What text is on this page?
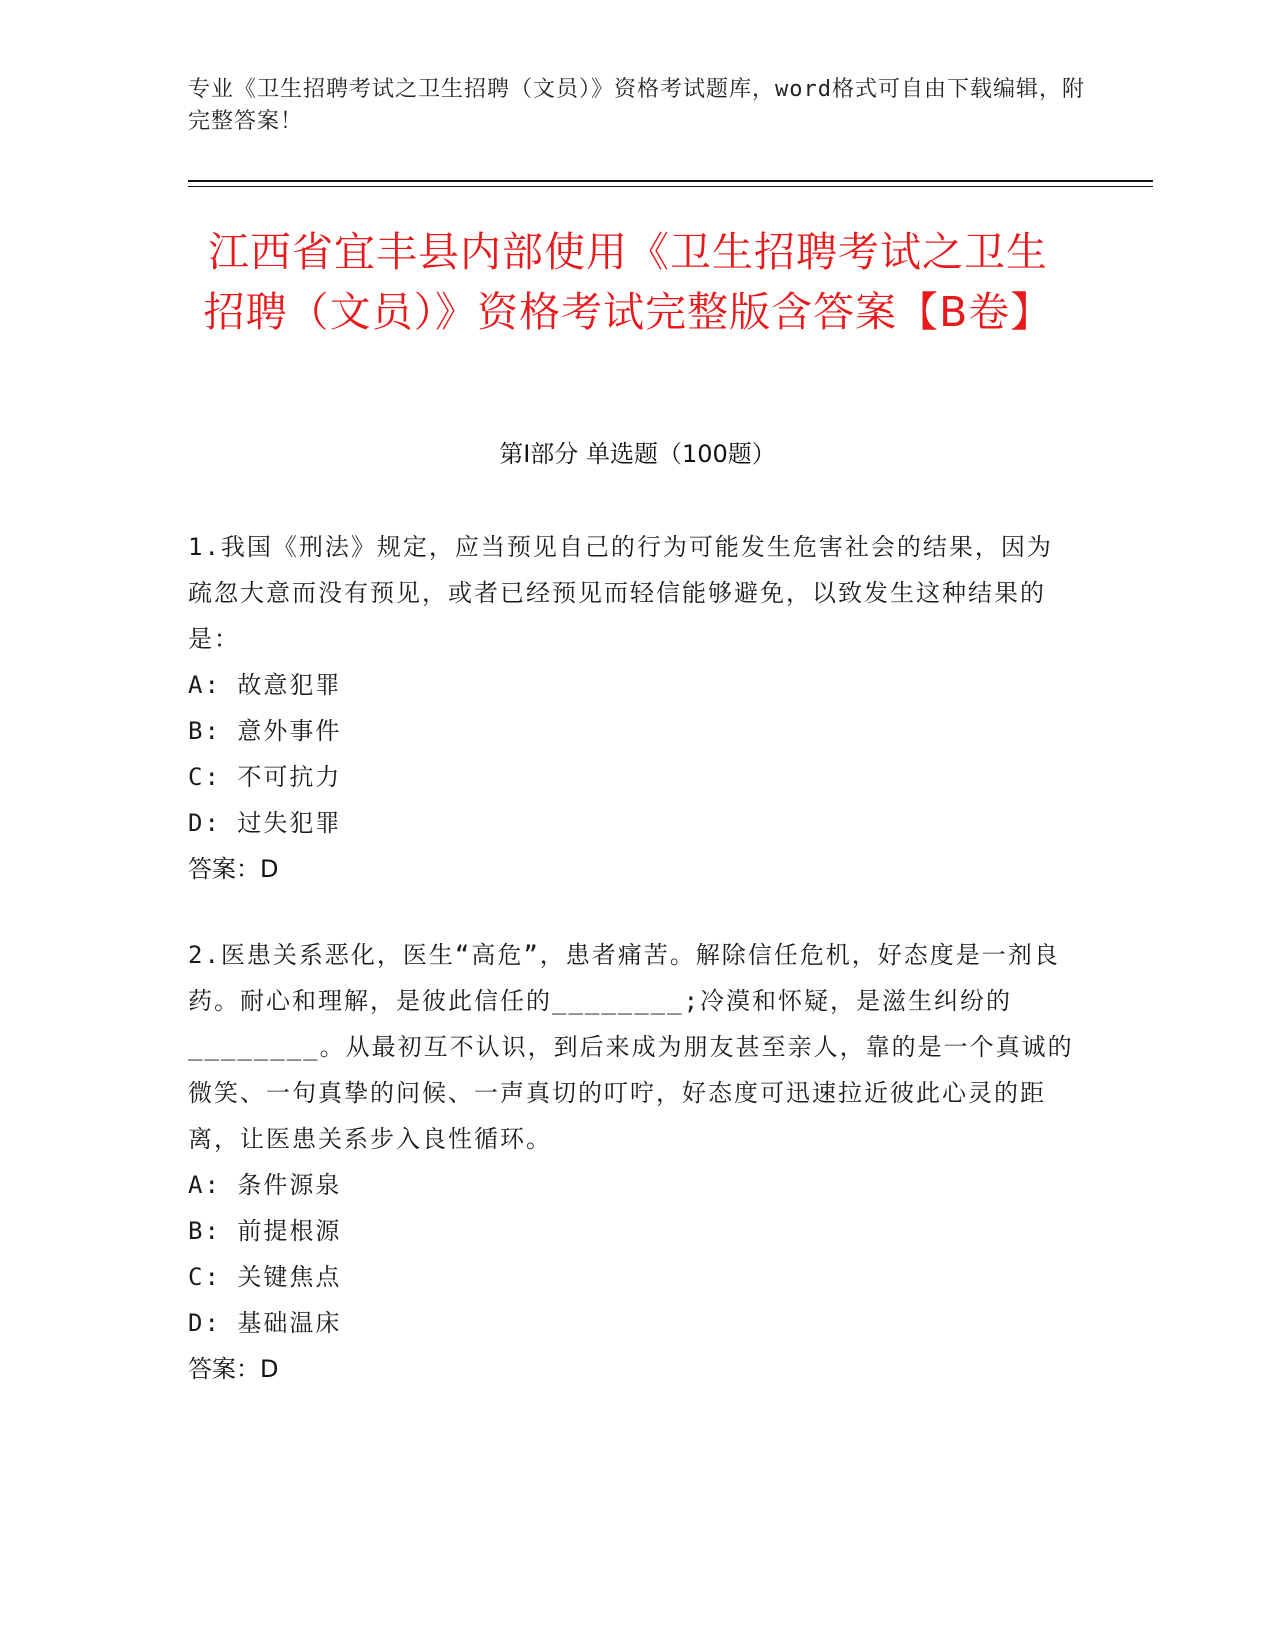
专业《卫生招聘考试之卫生招聘（文员）》资格考试题库，word格式可自由下载编辑，附完整答案！
江西省宜丰县内部使用《卫生招聘考试之卫生招聘（文员）》资格考试完整版含答案【B卷】
第I部分 单选题（100题）

1.我国《刑法》规定，应当预见自己的行为可能发生危害社会的结果，因为疏忽大意而没有预见，或者已经预见而轻信能够避免，以致发生这种结果的是：

A: 故意犯罪
B: 意外事件
C: 不可抗力
D: 过失犯罪
答案：D

2.医患关系恶化，医生“高危”，患者痛苦。解除信任危机，好态度是一剂良药。耐心和理解，是彼此信任的________;冷漠和怀疑，是滋生纠纷的________。从最初互不认识，到后来成为朋友甚至亲人，靠的是一个真诚的微笑、一句真挚的问候、一声真切的叮咛，好态度可迅速拉近彼此心灵的距离，让医患关系步入良性循环。

A: 条件源泉
B: 前提根源
C: 关键焦点
D: 基础温床
答案：D
